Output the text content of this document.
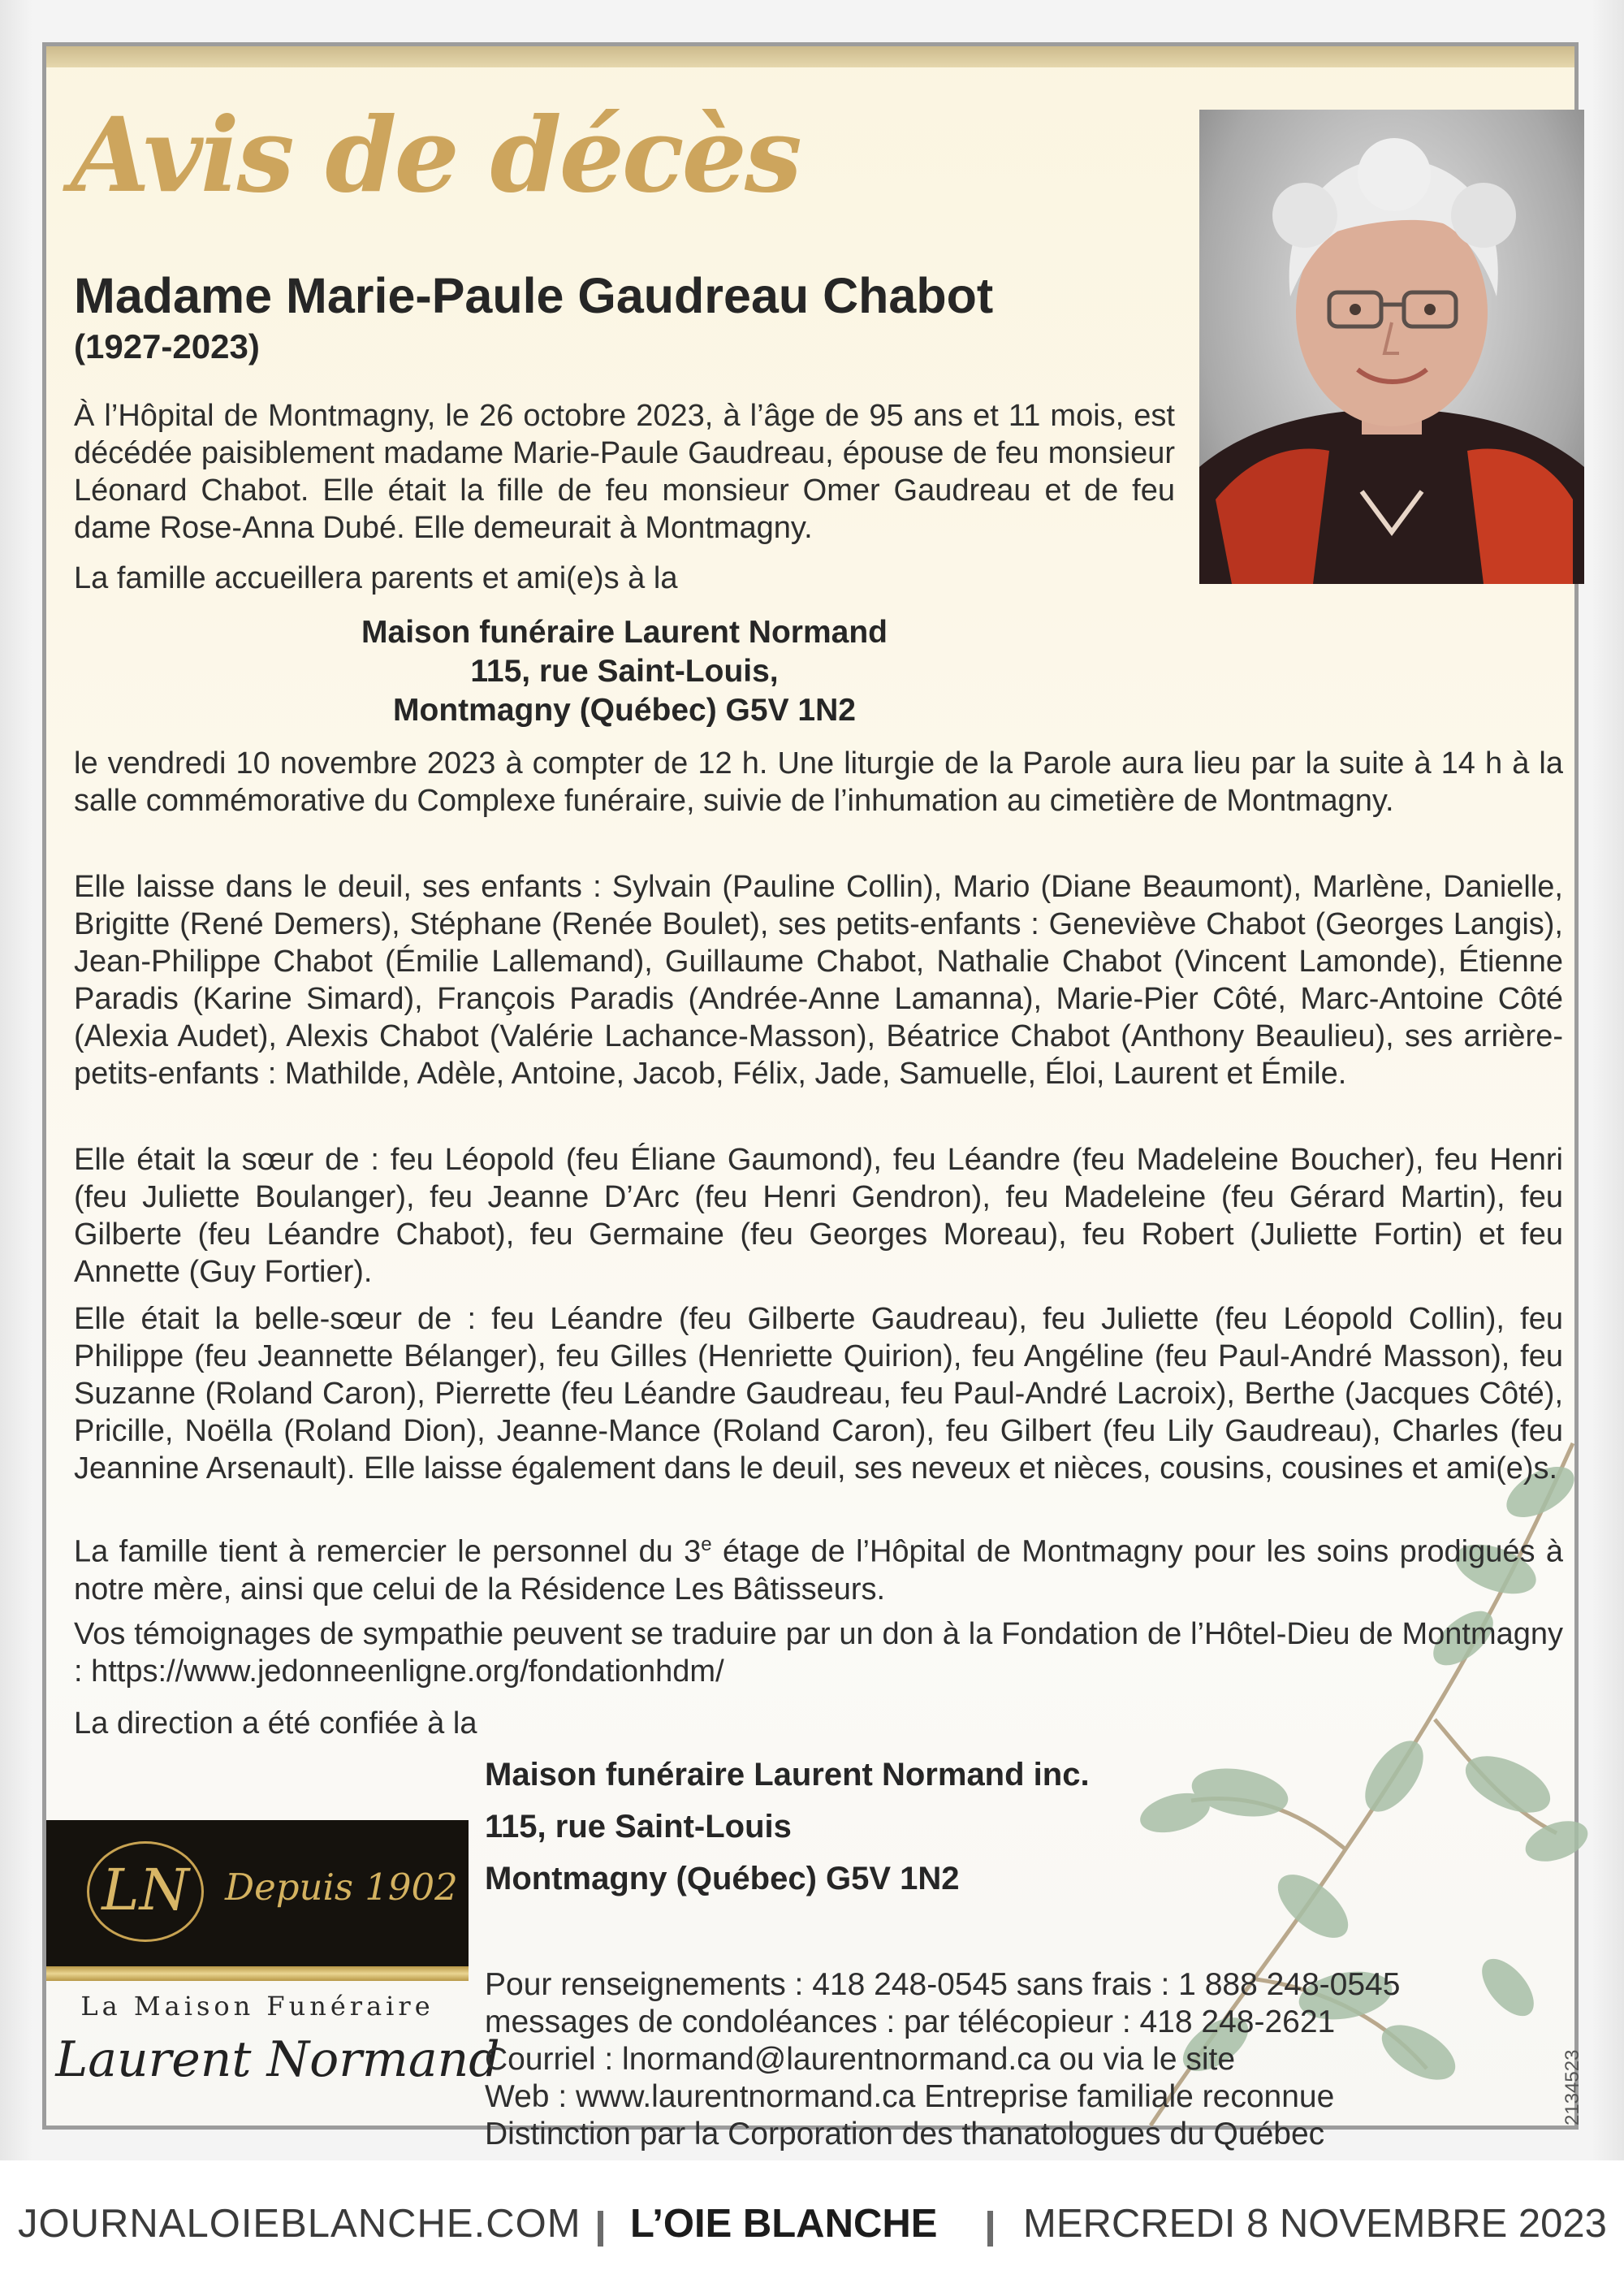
Avis de décès
Madame Marie-Paule Gaudreau Chabot
(1927-2023)
À l’Hôpital de Montmagny, le 26 octobre 2023, à l’âge de 95 ans et 11 mois, est décédée paisiblement madame Marie-Paule Gaudreau, épouse de feu monsieur Léonard Chabot. Elle était la fille de feu monsieur Omer Gaudreau et de feu dame Rose-Anna Dubé. Elle demeurait à Montmagny.
La famille accueillera parents et ami(e)s à la
Maison funéraire Laurent Normand
115, rue Saint-Louis,
Montmagny (Québec) G5V 1N2
le vendredi 10 novembre 2023 à compter de 12 h. Une liturgie de la Parole aura lieu par la suite à 14 h à la salle commémorative du Complexe funéraire, suivie de l’inhumation au cimetière de Montmagny.
Elle laisse dans le deuil, ses enfants : Sylvain (Pauline Collin), Mario (Diane Beaumont), Marlène, Danielle, Brigitte (René Demers), Stéphane (Renée Boulet), ses petits-enfants : Geneviève Chabot (Georges Langis), Jean-Philippe Chabot (Émilie Lallemand), Guillaume Chabot, Nathalie Chabot (Vincent Lamonde), Étienne Paradis (Karine Simard), François Paradis (Andrée-Anne Lamanna), Marie-Pier Côté, Marc-Antoine Côté (Alexia Audet), Alexis Chabot (Valérie Lachance-Masson), Béatrice Chabot (Anthony Beaulieu), ses arrière-petits-enfants : Mathilde, Adèle, Antoine, Jacob, Félix, Jade, Samuelle, Éloi, Laurent et Émile.
Elle était la sœur de : feu Léopold (feu Éliane Gaumond), feu Léandre (feu Madeleine Boucher), feu Henri (feu Juliette Boulanger), feu Jeanne D’Arc (feu Henri Gendron), feu Madeleine (feu Gérard Martin), feu Gilberte (feu Léandre Chabot), feu Germaine (feu Georges Moreau), feu Robert (Juliette Fortin) et feu Annette (Guy Fortier).
Elle était la belle-sœur de : feu Léandre (feu Gilberte Gaudreau), feu Juliette (feu Léopold Collin), feu Philippe (feu Jeannette Bélanger), feu Gilles (Henriette Quirion), feu Angéline (feu Paul-André Masson), feu Suzanne (Roland Caron), Pierrette (feu Léandre Gaudreau, feu Paul-André Lacroix), Berthe (Jacques Côté), Pricille, Noëlla (Roland Dion), Jeanne-Mance (Roland Caron), feu Gilbert (feu Lily Gaudreau), Charles (feu Jeannine Arsenault). Elle laisse également dans le deuil, ses neveux et nièces, cousins, cousines et ami(e)s.
La famille tient à remercier le personnel du 3e étage de l’Hôpital de Montmagny pour les soins prodigués à notre mère, ainsi que celui de la Résidence Les Bâtisseurs.
Vos témoignages de sympathie peuvent se traduire par un don à la Fondation de l’Hôtel-Dieu de Montmagny : https://www.jedonneenligne.org/fondationhdm/
La direction a été confiée à la
LN Depuis 1902
La Maison Funéraire
Laurent Normand
Maison funéraire Laurent Normand inc.
115, rue Saint-Louis
Montmagny (Québec) G5V 1N2
Pour renseignements : 418 248-0545 sans frais : 1 888 248-0545
messages de condoléances : par télécopieur : 418 248-2621
Courriel : lnormand@laurentnormand.ca ou via le site
Web : www.laurentnormand.ca Entreprise familiale reconnue
Distinction par la Corporation des thanatologues du Québec
2134523
JOURNALOIEBLANCHE.COM L’OIE BLANCHE MERCREDI 8 NOVEMBRE 2023
